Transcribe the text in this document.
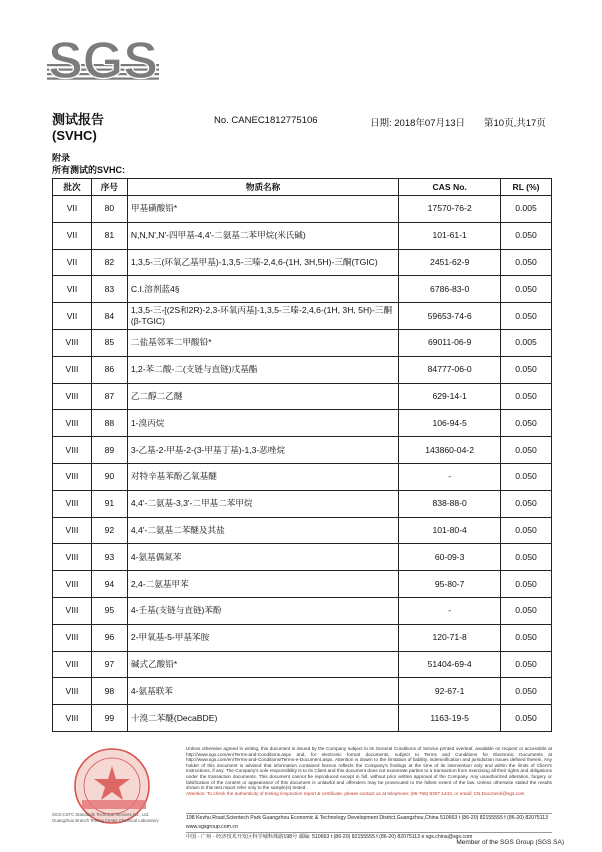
SGS
测试报告
(SVHC)
No. CANEC1812775106	日期: 2018年07月13日 第10页,共17页
附录
所有测试的SVHC:
批次	序号	物质名称	CAS No.	RL (%)
VII	80	甲基磺酸铅*	17570-76-2	0.005
VII	81	N,N,N',N'-四甲基-4,4'-二氨基二苯甲烷(米氏碱)	101-61-1	0.050
VII	82	1,3,5-三(环氧乙基甲基)-1,3,5-三嗪-2,4,6-(1H, 3H,5H)-三酮(TGIC)	2451-62-9	0.050
VII	83	C.I.溶剂蓝4§	6786-83-0	0.050
VII	84	1,3,5-三-[(2S和2R)-2,3-环氧丙基]-1,3,5-三嗪-2,4,6-(1H, 3H, 5H)-三酮(β-TGIC)	59653-74-6	0.050
VIII	85	二盐基邻苯二甲酸铅*	69011-06-9	0.005
VIII	86	1,2-苯二酸-二(支链与直链)戊基酯	84777-06-0	0.050
VIII	87	乙二醇二乙醚	629-14-1	0.050
VIII	88	1-溴丙烷	106-94-5	0.050
VIII	89	3-乙基-2-甲基-2-(3-甲基丁基)-1,3-恶唑烷	143860-04-2	0.050
VIII	90	对特辛基苯酚乙氧基醚	-	0.050
VIII	91	4,4'-二氨基-3,3'-二甲基二苯甲烷	838-88-0	0.050
VIII	92	4,4'-二氨基二苯醚及其盐	101-80-4	0.050
VIII	93	4-氨基偶氮苯	60-09-3	0.050
VIII	94	2,4-二氨基甲苯	95-80-7	0.050
VIII	95	4-壬基(支链与直链)苯酚	-	0.050
VIII	96	2-甲氧基-5-甲基苯胺	120-71-8	0.050
VIII	97	碱式乙酸铅*	51404-69-4	0.050
VIII	98	4-氨基联苯	92-67-1	0.050
VIII	99	十溴二苯醚(DecaBDE)	1163-19-5	0.050
Unless otherwise agreed in writing, this document is issued by the Company subject to its General Conditions of Service printed overleaf, available on request or accessible at http://www.sgs.com/en/Terms-and-Conditions.aspx and, for electronic format documents, subject to Terms and Conditions for Electronic Documents at http://www.sgs.com/en/Terms-and-Conditions/Terms-e-Document.aspx. Attention is drawn to the limitation of liability, indemnification and jurisdiction issues defined therein. Any holder of this document is advised that information contained hereon reflects the Company's findings at the time of its intervention only and within the limits of Client's instructions, if any. The Company's sole responsibility is to its Client and this document does not exonerate parties to a transaction from exercising all their rights and obligations under the transaction documents. This document cannot be reproduced except in full, without prior written approval of the Company. Any unauthorized alteration, forgery or falsification of the content or appearance of this document is unlawful and offenders may be prosecuted to the fullest extent of the law. Unless otherwise stated the results shown in this test report refer only to the sample(s) tested .
Attention: To check the authenticity of testing /inspection report & certificate, please contact us at telephone: (86-755) 8307 1443, or email: CN.Doccheck@sgs.com
SGS-CSTC Standards Technical Services Co., Ltd.
Guangzhou Branch Testing Center Chemical Laboratory	198 Kezhu Road,Scientech Park Guangzhou Economic & Technology Development District,Guangzhou,China 510663 t (86-20) 82155555 f (86-20) 82075113 www.sgsgroup.com.cn
中国 · 广州 · 经济技术开发区科学城科珠路198号 邮编: 510663 t (86-20) 82155555 f (86-20) 82075113 e sgs.china@sgs.com
Member of the SGS Group (SGS SA)
